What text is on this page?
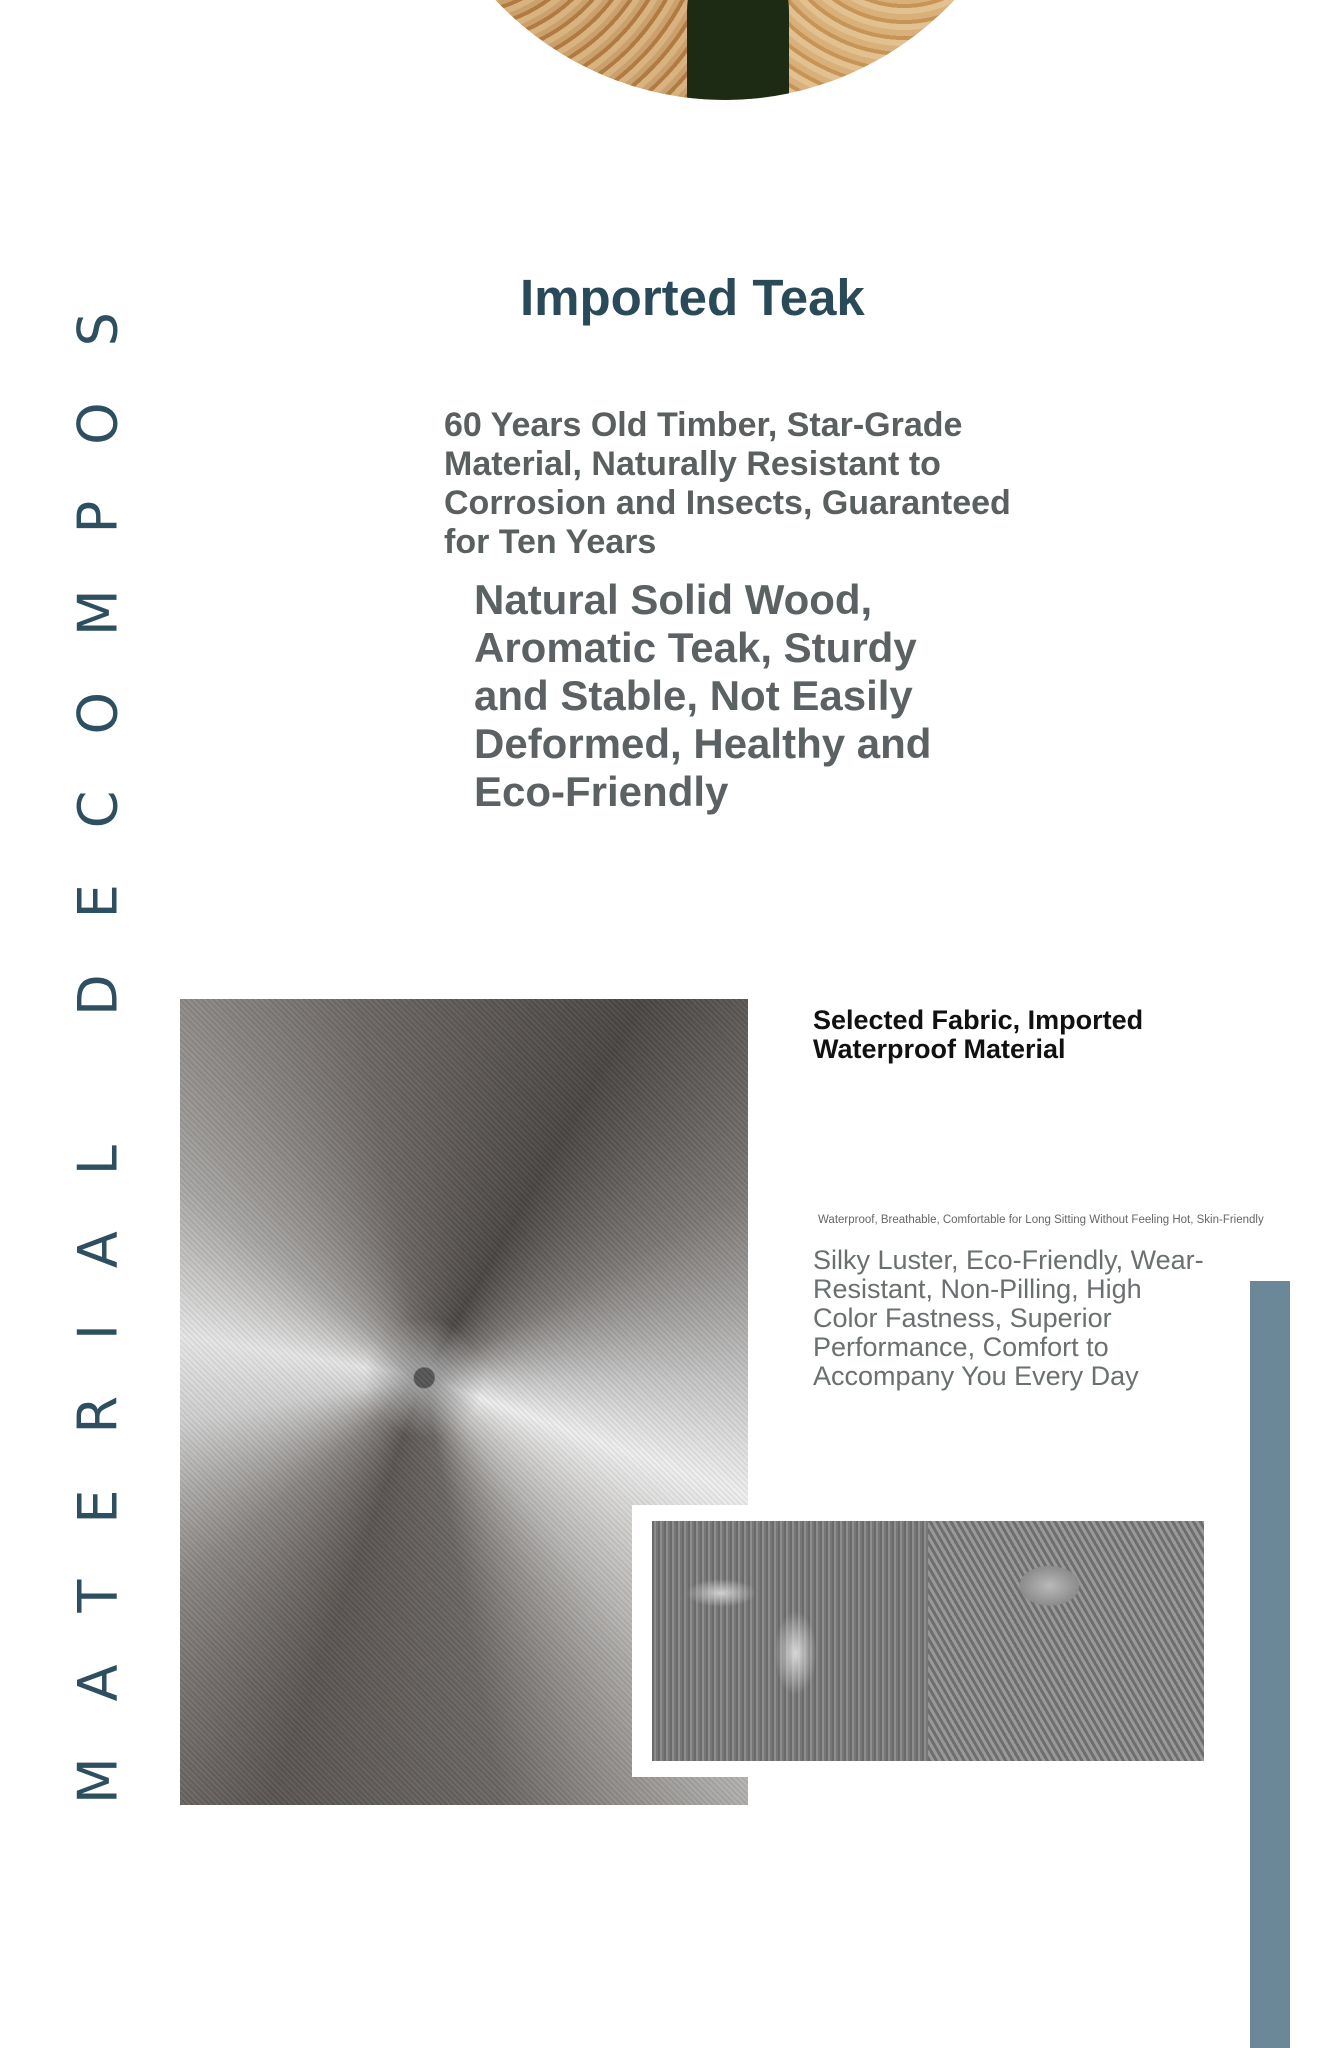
MATERIAL DECOMPOS	Imported Teak
60 Years Old Timber, Star-Grade Material, Naturally Resistant to Corrosion and Insects, Guaranteed for Ten Years
Natural Solid Wood, Aromatic Teak, Sturdy and Stable, Not Easily Deformed, Healthy and Eco-Friendly
Selected Fabric, Imported Waterproof Material
Waterproof, Breathable, Comfortable for Long Sitting Without Feeling Hot, Skin-Friendly
Silky Luster, Eco-Friendly, Wear-Resistant, Non-Pilling, High Color Fastness, Superior Performance, Comfort to Accompany You Every Day
